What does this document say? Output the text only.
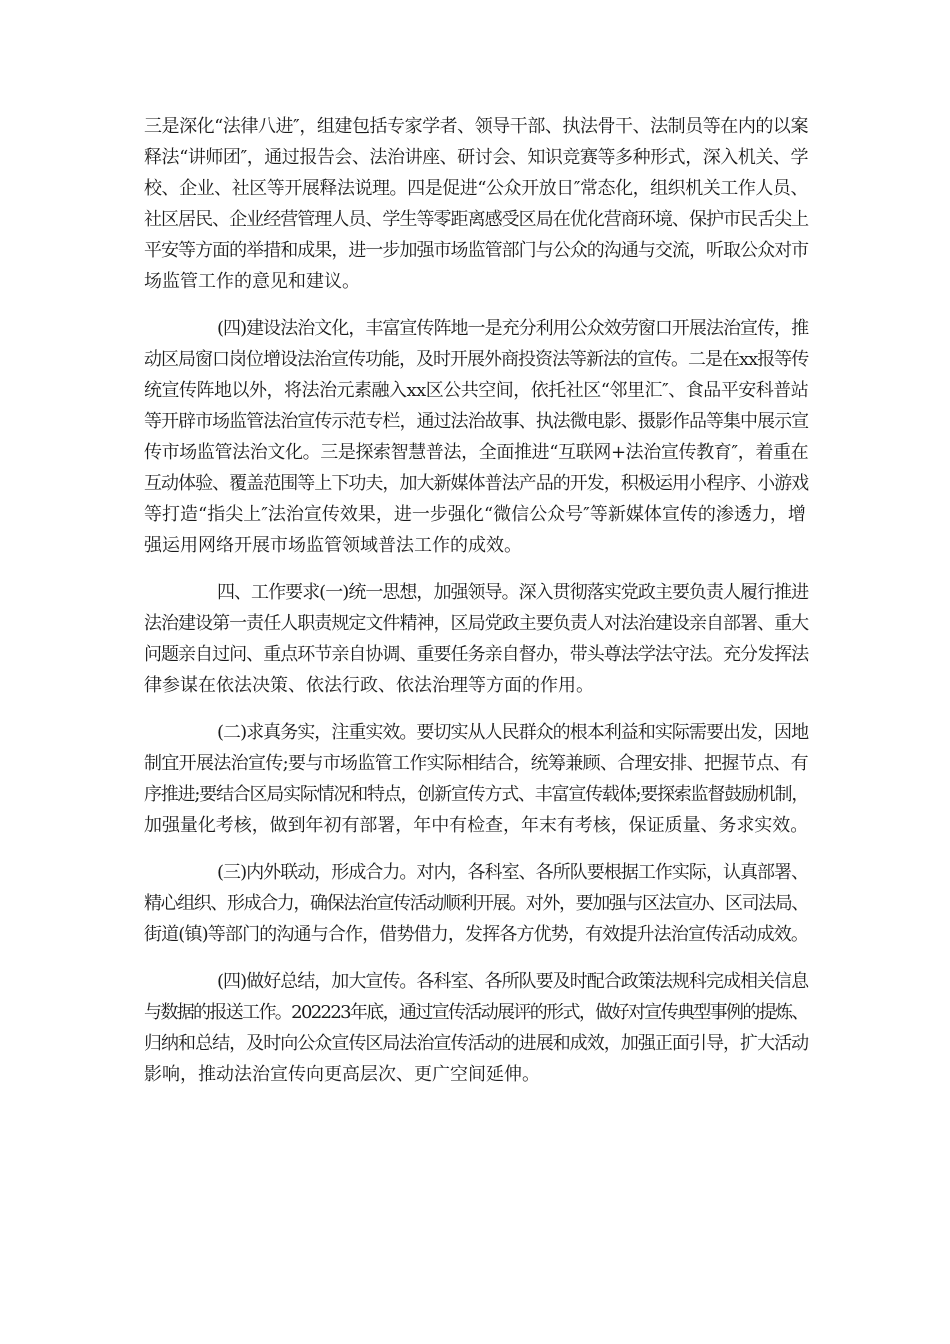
三是深化“法律八进″，组建包括专家学者、领导干部、执法骨干、法制员等在内的以案
释法“讲师团″，通过报告会、法治讲座、研讨会、知识竞赛等多种形式，深入机关、学
校、企业、社区等开展释法说理。四是促进“公众开放日″常态化，组织机关工作人员、
社区居民、企业经营管理人员、学生等零距离感受区局在优化营商环境、保护市民舌尖上
平安等方面的举措和成果，进一步加强市场监管部门与公众的沟通与交流，听取公众对市
场监管工作的意见和建议。
(四)建设法治文化，丰富宣传阵地一是充分利用公众效劳窗口开展法治宣传，推
动区局窗口岗位增设法治宣传功能，及时开展外商投资法等新法的宣传。二是在xx报等传
统宣传阵地以外，将法治元素融入xx区公共空间，依托社区“邻里汇″、食品平安科普站
等开辟市场监管法治宣传示范专栏，通过法治故事、执法微电影、摄影作品等集中展示宣
传市场监管法治文化。三是探索智慧普法，全面推进“互联网+法治宣传教育″，着重在
互动体验、覆盖范围等上下功夫，加大新媒体普法产品的开发，积极运用小程序、小游戏
等打造“指尖上″法治宣传效果，进一步强化“微信公众号″等新媒体宣传的渗透力，增
强运用网络开展市场监管领域普法工作的成效。
四、工作要求(一)统一思想，加强领导。深入贯彻落实党政主要负责人履行推进
法治建设第一责任人职责规定文件精神，区局党政主要负责人对法治建设亲自部署、重大
问题亲自过问、重点环节亲自协调、重要任务亲自督办，带头尊法学法守法。充分发挥法
律参谋在依法决策、依法行政、依法治理等方面的作用。
(二)求真务实，注重实效。要切实从人民群众的根本利益和实际需要出发，因地
制宜开展法治宣传;要与市场监管工作实际相结合，统筹兼顾、合理安排、把握节点、有
序推进;要结合区局实际情况和特点，创新宣传方式、丰富宣传载体;要探索监督鼓励机制，
加强量化考核，做到年初有部署，年中有检查，年末有考核，保证质量、务求实效。
(三)内外联动，形成合力。对内，各科室、各所队要根据工作实际，认真部署、
精心组织、形成合力，确保法治宣传活动顺利开展。对外，要加强与区法宣办、区司法局、
街道(镇)等部门的沟通与合作，借势借力，发挥各方优势，有效提升法治宣传活动成效。
(四)做好总结，加大宣传。各科室、各所队要及时配合政策法规科完成相关信息
与数据的报送工作。202223年底，通过宣传活动展评的形式，做好对宣传典型事例的提炼、
归纳和总结，及时向公众宣传区局法治宣传活动的进展和成效，加强正面引导，扩大活动
影响，推动法治宣传向更高层次、更广空间延伸。
